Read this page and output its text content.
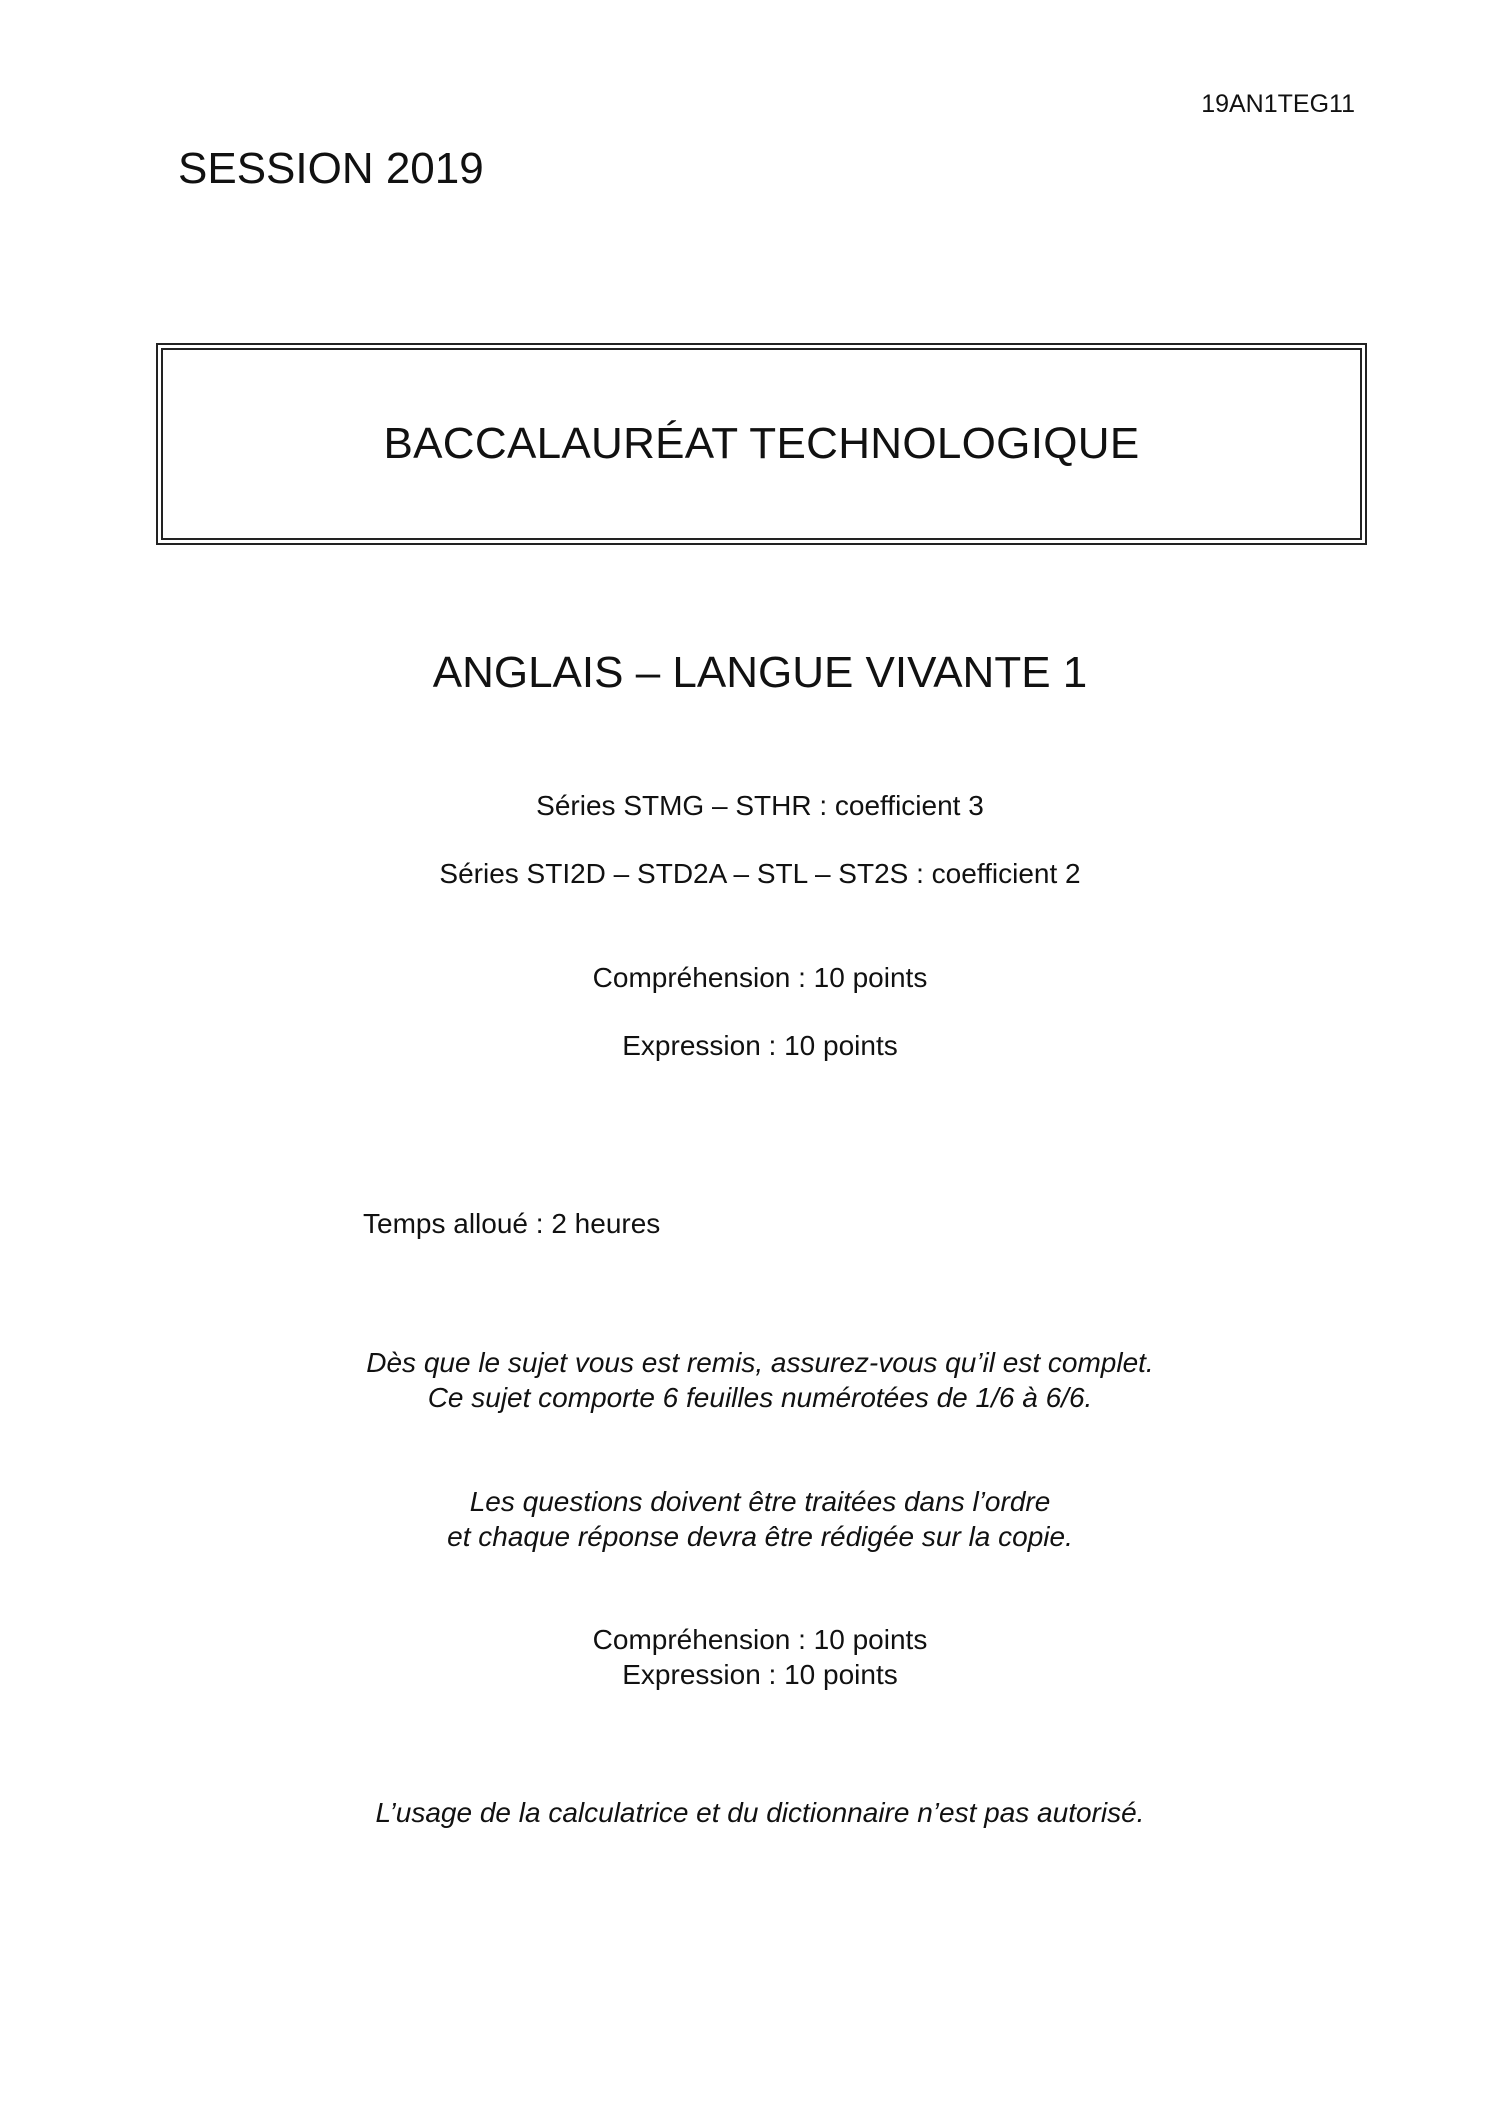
19AN1TEG11
SESSION 2019
BACCALAURÉAT TECHNOLOGIQUE
ANGLAIS – LANGUE VIVANTE 1
Séries STMG – STHR : coefficient 3
Séries STI2D – STD2A – STL – ST2S : coefficient 2
Compréhension : 10 points
Expression : 10 points
Temps alloué : 2 heures
Dès que le sujet vous est remis, assurez-vous qu’il est complet.
Ce sujet comporte 6 feuilles numérotées de 1/6 à 6/6.
Les questions doivent être traitées dans l’ordre
et chaque réponse devra être rédigée sur la copie.
Compréhension : 10 points
Expression : 10 points
L’usage de la calculatrice et du dictionnaire n’est pas autorisé.
